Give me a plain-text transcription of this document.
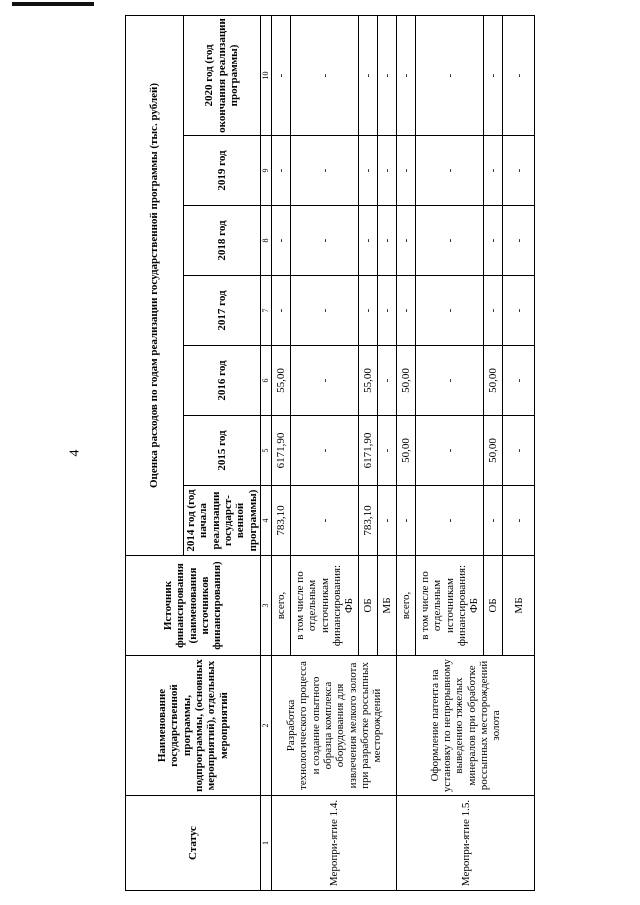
4
Статус	Наименование государственной программы, подпрограммы, (основных мероприятий), отдельных мероприятий	Источник финансирования (наименования источников финансирования)	Оценка расходов по годам реализации государственной программы (тыс. рублей)						
			2014 год (год начала реализации государст-венной программы)	2015 год	2016 год	2017 год	2018 год	2019 год	2020 год (год окончания реализации программы)
1	2	3	4	5	6	7	8	9	10
Меропри-ятие 1.4.	Разработка технологического процесса и создание опытного образца комплекса оборудования для извлечения мелкого золота при разработке россыпных месторождений	всего,	783,10	6171,90	55,00	-	-	-	-
		в том числе по отдельным источникам финансирования: ФБ	-	-	-	-	-	-	-
		ОБ	783,10	6171,90	55,00	-	-	-	-
		МБ	-	-	-	-	-	-	-
Меропри-ятие 1.5.	Оформление патента на установку по непрерывному выведению тяжелых минералов при обработке россыпных месторождений золота	всего,	-	50,00	50,00	-	-	-	-
		в том числе по отдельным источникам финансирования: ФБ	-	-	-	-	-	-	-
		ОБ	-	50,00	50,00	-	-	-	-
		МБ	-	-	-	-	-	-	-
